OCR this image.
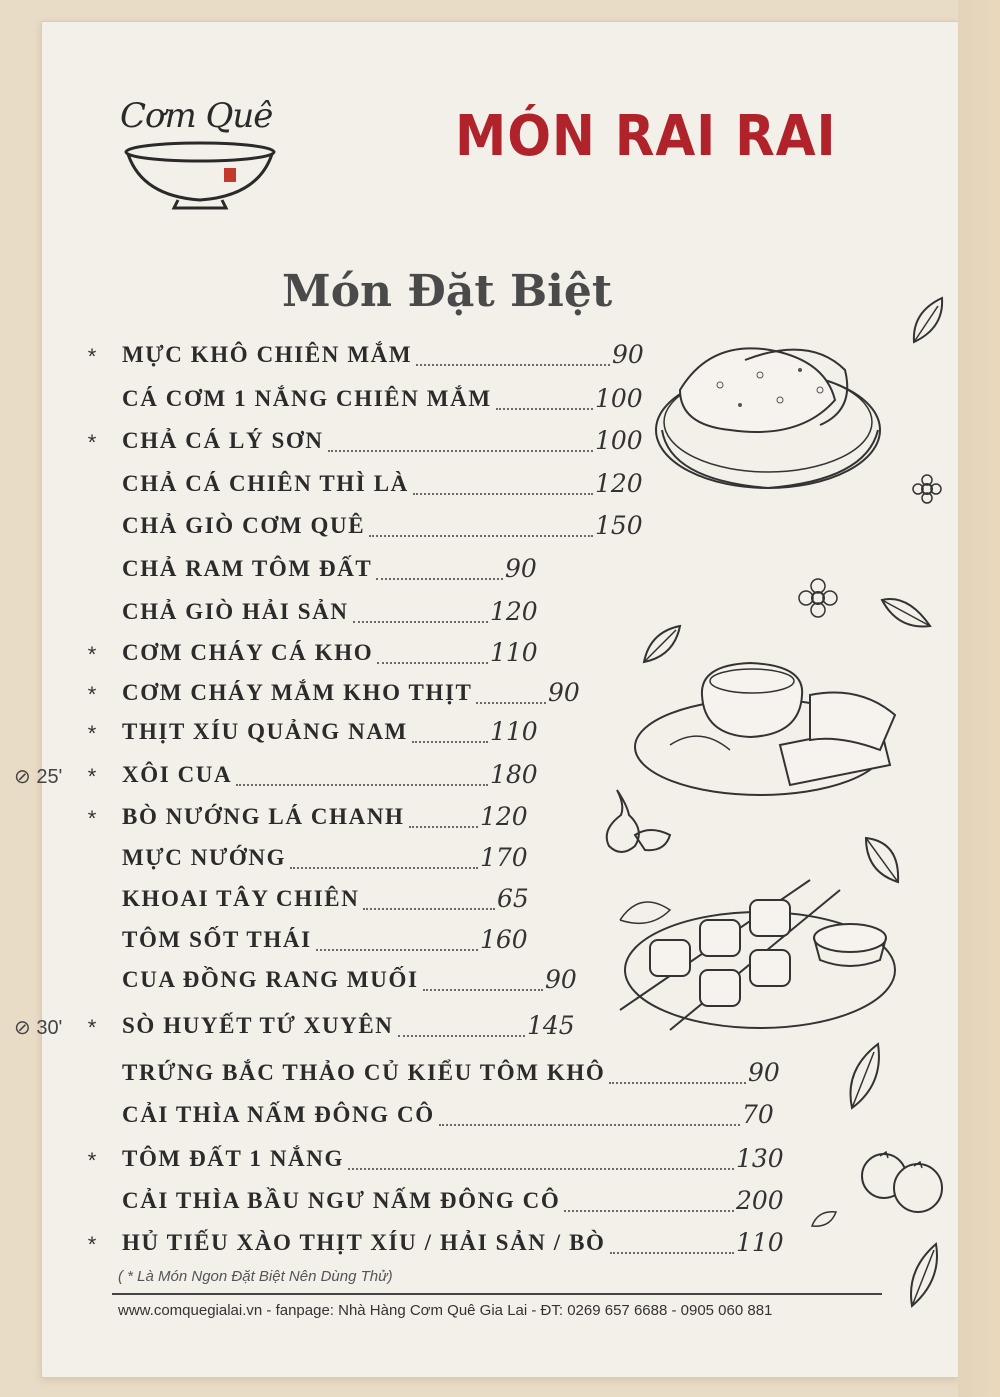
Cơm Quê	MÓN RAI RAI
Món Đặt Biệt
* MỰC KHÔ CHIÊN MẮM	90
CÁ CƠM 1 NẮNG CHIÊN MẮM	100
* CHẢ CÁ LÝ SƠN	100
CHẢ CÁ CHIÊN THÌ LÀ	120
CHẢ GIÒ CƠM QUÊ	150
CHẢ RAM TÔM ĐẤT	90
CHẢ GIÒ HẢI SẢN	120
* CƠM CHÁY CÁ KHO	110
* CƠM CHÁY MẮM KHO THỊT	90
* THỊT XÍU QUẢNG NAM	110
⊘ 25' * XÔI CUA	180
* BÒ NƯỚNG LÁ CHANH	120
MỰC NƯỚNG	170
KHOAI TÂY CHIÊN	65
TÔM SỐT THÁI	160
CUA ĐỒNG RANG MUỐI	90
⊘ 30' * SÒ HUYẾT TỨ XUYÊN	145
TRỨNG BẮC THẢO CỦ KIỂU TÔM KHÔ	90
CẢI THÌA NẤM ĐÔNG CÔ	70
* TÔM ĐẤT 1 NẮNG	130
CẢI THÌA BẦU NGƯ NẤM ĐÔNG CÔ	200
* HỦ TIẾU XÀO THỊT XÍU / HẢI SẢN / BÒ	110
( * Là Món Ngon Đặt Biệt Nên Dùng Thử)
www.comquegialai.vn - fanpage: Nhà Hàng Cơm Quê Gia Lai - ĐT: 0269 657 6688 - 0905 060 881
